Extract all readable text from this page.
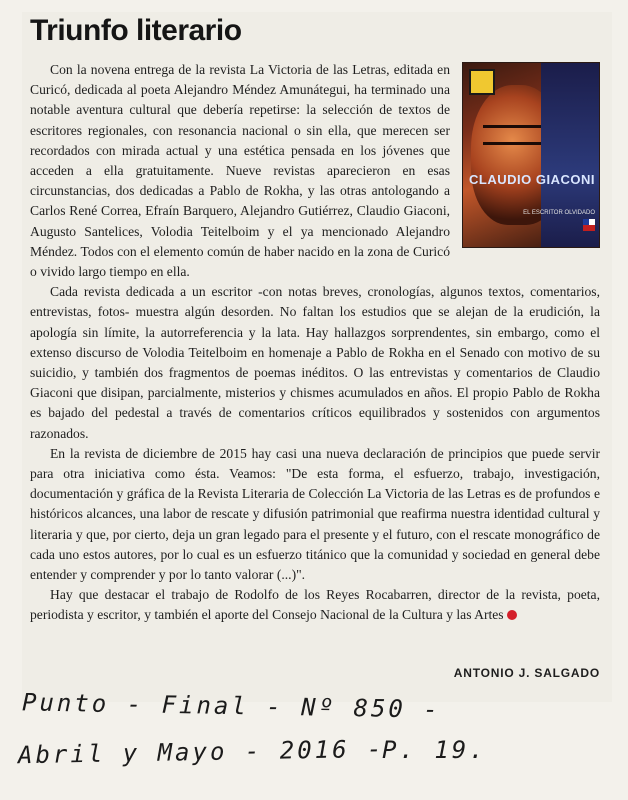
Triunfo literario
CLAUDIO GIACONI
EL ESCRITOR OLVIDADO

Con la novena entrega de la revista La Victoria de las Letras, editada en Curicó, dedicada al poeta Alejandro Méndez Amunátegui, ha terminado una notable aventura cultural que debería repetirse: la selección de textos de escritores regionales, con resonancia nacional o sin ella, que merecen ser recordados con mirada actual y una estética pensada en los jóvenes que acceden a ella gratuitamente. Nueve revistas aparecieron en esas circunstancias, dos dedicadas a Pablo de Rokha, y las otras antologando a Carlos René Correa, Efraín Barquero, Alejandro Gutiérrez, Claudio Giaconi, Augusto Santelices, Volodia Teitelboim y el ya mencionado Alejandro Méndez. Todos con el elemento común de haber nacido en la zona de Curicó o vivido largo tiempo en ella.

Cada revista dedicada a un escritor -con notas breves, cronologías, algunos textos, comentarios, entrevistas, fotos- muestra algún desorden. No faltan los estudios que se alejan de la erudición, la apología sin límite, la autorreferencia y la lata. Hay hallazgos sorprendentes, sin embargo, como el extenso discurso de Volodia Teitelboim en homenaje a Pablo de Rokha en el Senado con motivo de su suicidio, y también dos fragmentos de poemas inéditos. O las entrevistas y comentarios de Claudio Giaconi que disipan, parcialmente, misterios y chismes acumulados en años. El propio Pablo de Rokha es bajado del pedestal a través de comentarios críticos equilibrados y sostenidos con argumentos razonados.

En la revista de diciembre de 2015 hay casi una nueva declaración de principios que puede servir para otra iniciativa como ésta. Veamos: "De esta forma, el esfuerzo, trabajo, investigación, documentación y gráfica de la Revista Literaria de Colección La Victoria de las Letras es de profundos e históricos alcances, una labor de rescate y difusión patrimonial que reafirma nuestra identidad cultural y literaria y que, por cierto, deja un gran legado para el presente y el futuro, con el rescate monográfico de cada uno estos autores, por lo cual es un esfuerzo titánico que la comunidad y sociedad en general debe entender y comprender y por lo tanto valorar (...)".

Hay que destacar el trabajo de Rodolfo de los Reyes Rocabarren, director de la revista, poeta, periodista y escritor, y también el aporte del Consejo Nacional de la Cultura y las Artes

ANTONIO J. SALGADO
Punto - Final - Nº 850 -
Abril y Mayo - 2016 -
P. 19.
